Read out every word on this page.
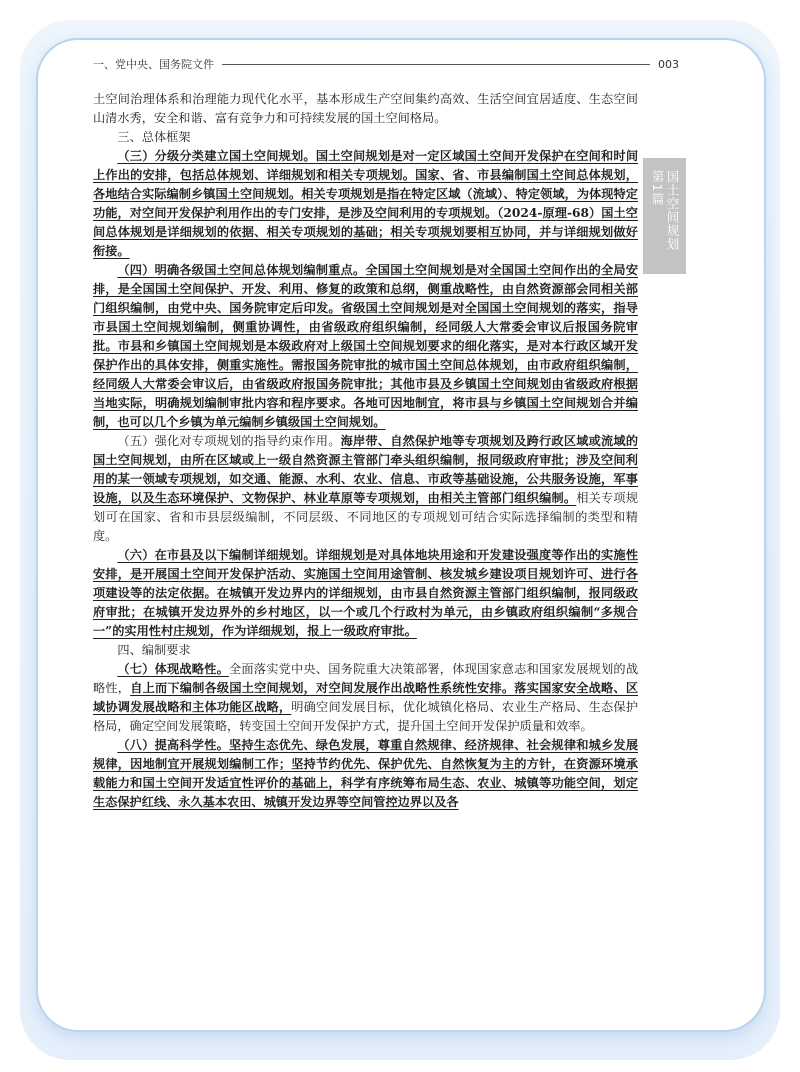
一、党中央、国务院文件	003
第1篇 国土空间规划

土空间治理体系和治理能力现代化水平，基本形成生产空间集约高效、生活空间宜居适度、生态空间山清水秀，安全和谐、富有竞争力和可持续发展的国土空间格局。

三、总体框架

（三）分级分类建立国土空间规划。国土空间规划是对一定区域国土空间开发保护在空间和时间上作出的安排，包括总体规划、详细规划和相关专项规划。国家、省、市县编制国土空间总体规划，各地结合实际编制乡镇国土空间规划。相关专项规划是指在特定区域（流域）、特定领域，为体现特定功能，对空间开发保护利用作出的专门安排，是涉及空间利用的专项规划。（2024-原理-68）国土空间总体规划是详细规划的依据、相关专项规划的基础；相关专项规划要相互协同，并与详细规划做好衔接。

（四）明确各级国土空间总体规划编制重点。全国国土空间规划是对全国国土空间作出的全局安排，是全国国土空间保护、开发、利用、修复的政策和总纲，侧重战略性，由自然资源部会同相关部门组织编制，由党中央、国务院审定后印发。省级国土空间规划是对全国国土空间规划的落实，指导市县国土空间规划编制，侧重协调性，由省级政府组织编制，经同级人大常委会审议后报国务院审批。市县和乡镇国土空间规划是本级政府对上级国土空间规划要求的细化落实，是对本行政区域开发保护作出的具体安排，侧重实施性。需报国务院审批的城市国土空间总体规划，由市政府组织编制，经同级人大常委会审议后，由省级政府报国务院审批；其他市县及乡镇国土空间规划由省级政府根据当地实际，明确规划编制审批内容和程序要求。各地可因地制宜，将市县与乡镇国土空间规划合并编制，也可以几个乡镇为单元编制乡镇级国土空间规划。

（五）强化对专项规划的指导约束作用。海岸带、自然保护地等专项规划及跨行政区域或流域的国土空间规划，由所在区域或上一级自然资源主管部门牵头组织编制，报同级政府审批；涉及空间利用的某一领域专项规划，如交通、能源、水利、农业、信息、市政等基础设施，公共服务设施，军事设施，以及生态环境保护、文物保护、林业草原等专项规划，由相关主管部门组织编制。相关专项规划可在国家、省和市县层级编制，不同层级、不同地区的专项规划可结合实际选择编制的类型和精度。

（六）在市县及以下编制详细规划。详细规划是对具体地块用途和开发建设强度等作出的实施性安排，是开展国土空间开发保护活动、实施国土空间用途管制、核发城乡建设项目规划许可、进行各项建设等的法定依据。在城镇开发边界内的详细规划，由市县自然资源主管部门组织编制，报同级政府审批；在城镇开发边界外的乡村地区，以一个或几个行政村为单元，由乡镇政府组织编制“多规合一”的实用性村庄规划，作为详细规划，报上一级政府审批。

四、编制要求

（七）体现战略性。全面落实党中央、国务院重大决策部署，体现国家意志和国家发展规划的战略性，自上而下编制各级国土空间规划，对空间发展作出战略性系统性安排。落实国家安全战略、区域协调发展战略和主体功能区战略，明确空间发展目标，优化城镇化格局、农业生产格局、生态保护格局，确定空间发展策略，转变国土空间开发保护方式，提升国土空间开发保护质量和效率。

（八）提高科学性。坚持生态优先、绿色发展，尊重自然规律、经济规律、社会规律和城乡发展规律，因地制宜开展规划编制工作；坚持节约优先、保护优先、自然恢复为主的方针，在资源环境承载能力和国土空间开发适宜性评价的基础上，科学有序统筹布局生态、农业、城镇等功能空间，划定生态保护红线、永久基本农田、城镇开发边界等空间管控边界以及各
